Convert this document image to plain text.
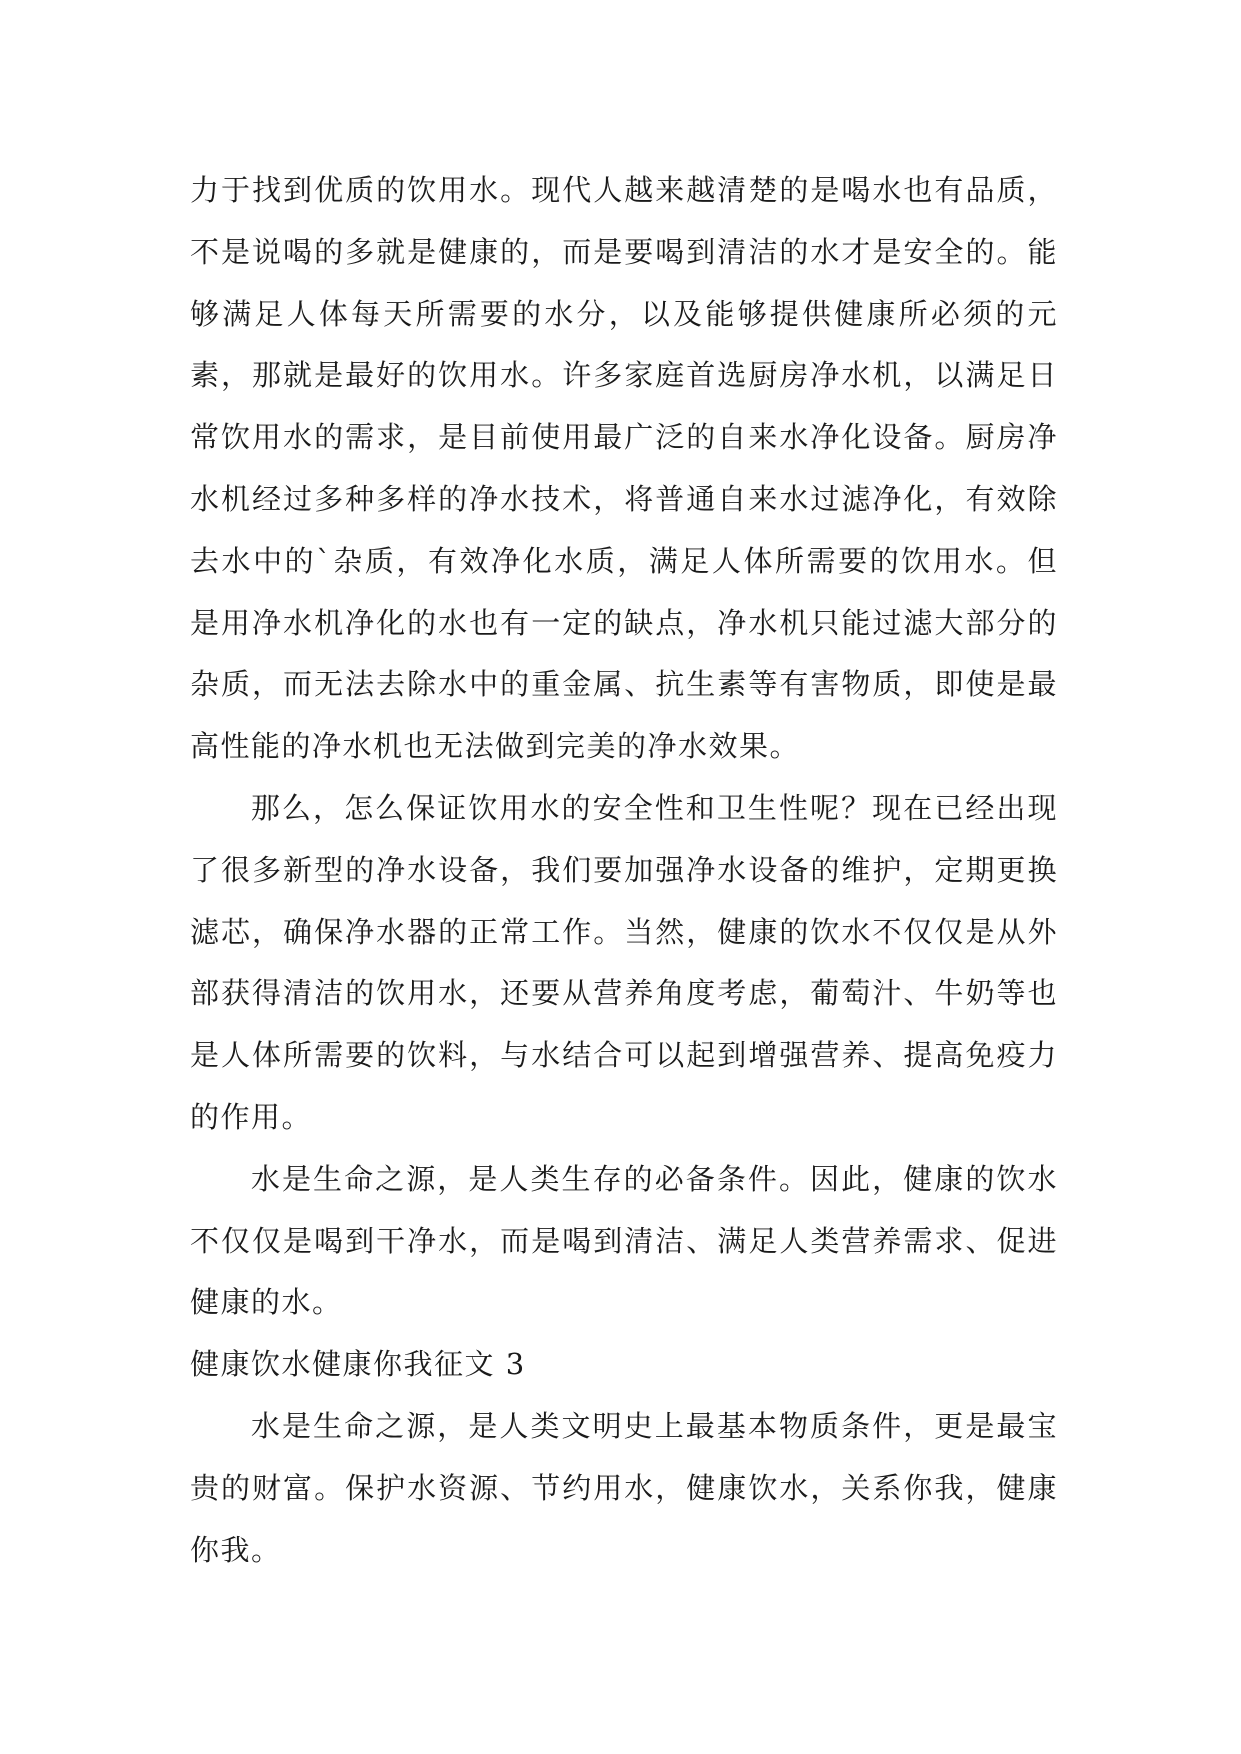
力于找到优质的饮用水。现代人越来越清楚的是喝水也有品质，不是说喝的多就是健康的，而是要喝到清洁的水才是安全的。能够满足人体每天所需要的水分，以及能够提供健康所必须的元素，那就是最好的饮用水。许多家庭首选厨房净水机，以满足日常饮用水的需求，是目前使用最广泛的自来水净化设备。厨房净水机经过多种多样的净水技术，将普通自来水过滤净化，有效除去水中的`杂质，有效净化水质，满足人体所需要的饮用水。但是用净水机净化的水也有一定的缺点，净水机只能过滤大部分的杂质，而无法去除水中的重金属、抗生素等有害物质，即使是最高性能的净水机也无法做到完美的净水效果。

那么，怎么保证饮用水的安全性和卫生性呢？现在已经出现了很多新型的净水设备，我们要加强净水设备的维护，定期更换滤芯，确保净水器的正常工作。当然，健康的饮水不仅仅是从外部获得清洁的饮用水，还要从营养角度考虑，葡萄汁、牛奶等也是人体所需要的饮料，与水结合可以起到增强营养、提高免疫力的作用。

水是生命之源，是人类生存的必备条件。因此，健康的饮水不仅仅是喝到干净水，而是喝到清洁、满足人类营养需求、促进健康的水。

健康饮水健康你我征文 3

水是生命之源，是人类文明史上最基本物质条件，更是最宝贵的财富。保护水资源、节约用水，健康饮水，关系你我，健康你我。
